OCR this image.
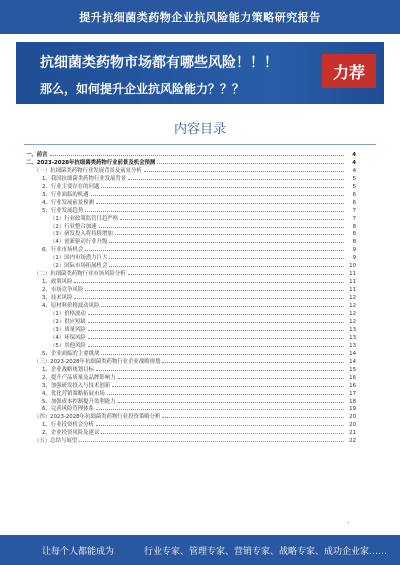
提升抗细菌类药物企业抗风险能力策略研究报告
抗细菌类药物市场都有哪些风险！！！
那么，如何提升企业抗风险能力？？？
力荐
内容目录
一、前言	4
二、2023-2028年抗细菌类药物行业前景及机会预测	4
（一）抗细菌类药物行业发展背景及前景分析	4
1、我国抗细菌类药物行业发展背景	5
2、行业主要存在的问题	5
3、行业面临的机遇	6
4、行业发展前景预测	6
5、行业发展趋势	7
（1）行业政策监管日趋严格	7
（2）行业整合加速	8
（3）研发投入将持续增加	8
（4）创新驱动行业升级	8
6、行业市场机会	9
（1）国内市场潜力巨大	9
（2）国际市场拓展机会	10
（二）抗细菌类药物行业市场风险分析	11
1、政策风险	11
2、市场竞争风险	11
3、技术风险	12
4、原材料价格波动风险	12
（1）价格波动	12
（2）供应短缺	12
（3）质量风险	13
（4）环保风险	13
（5）其他风险	13
5、企业面临的主要挑战	14
（三）2023-2028年抗细菌类药物行业企业战略规划	14
1、企业战略规划目标	15
2、提升产品质量及品牌影响力	16
3、加强研发投入与技术创新	16
4、优化营销策略拓展市场	17
5、加强成本控制提升盈利能力	18
6、完善风险管理体系	19
（四）2023-2028年抗细菌类药物行业投资策略分析	20
1、行业投资机会分析	20
2、企业投资风险及建议	21
（五）总结与展望	22
.
让每个人都能成为	行业专家、管理专家、营销专家、战略专家、成功企业家……
